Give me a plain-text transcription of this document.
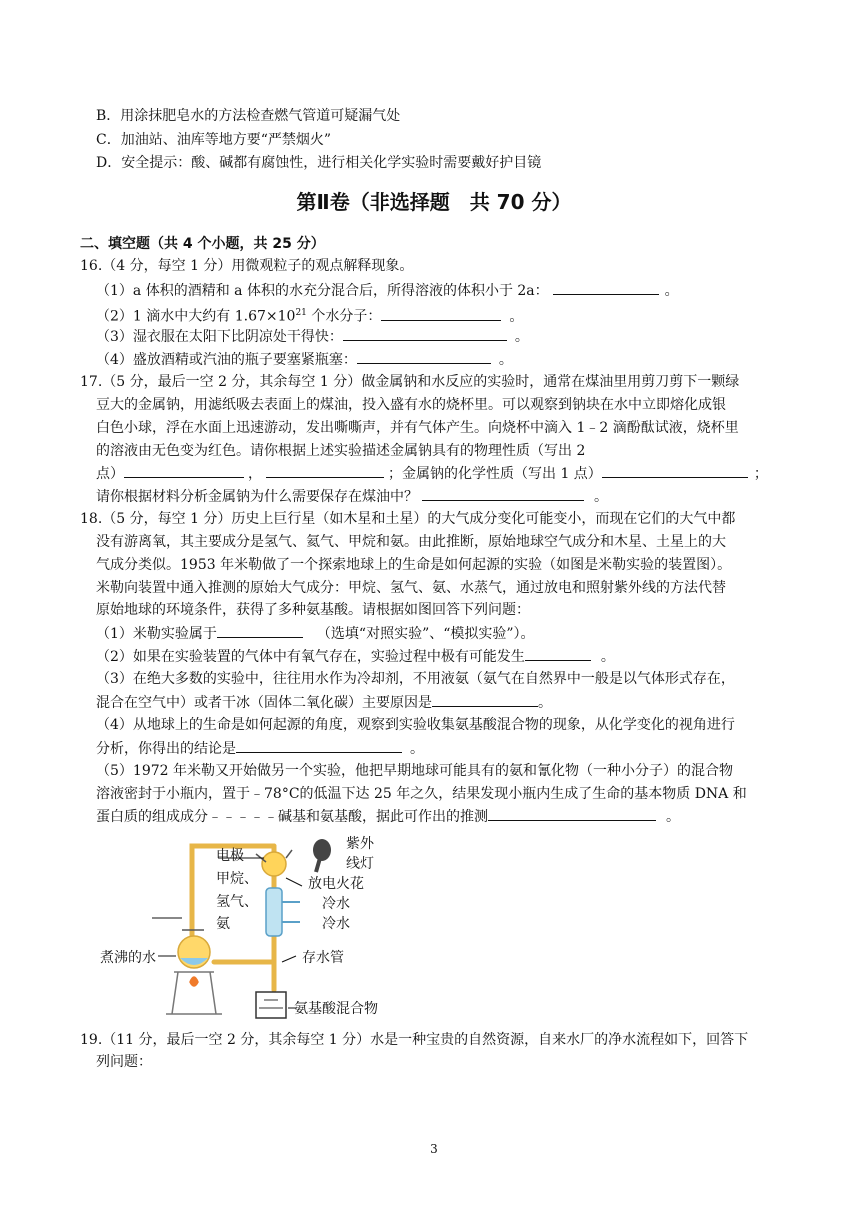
B．用涂抹肥皂水的方法检查燃气管道可疑漏气处
C．加油站、油库等地方要“严禁烟火”
D．安全提示：酸、碱都有腐蚀性，进行相关化学实验时需要戴好护目镜
第Ⅱ卷（非选择题　共 70 分）
二、填空题（共 4 个小题，共 25 分）
16.（4 分，每空 1 分）用微观粒子的观点解释现象。
（1）a 体积的酒精和 a 体积的水充分混合后，所得溶液的体积小于 2a：	。
（2）1 滴水中大约有 $1.67\times 10^{21}$ 个水分子：	。
（3）湿衣服在太阳下比阴凉处干得快：	。
（4）盛放酒精或汽油的瓶子要塞紧瓶塞：	。
17.（5 分，最后一空 2 分，其余每空 1 分）做金属钠和水反应的实验时，通常在煤油里用剪刀剪下一颗绿
豆大的金属钠，用滤纸吸去表面上的煤油，投入盛有水的烧杯里。可以观察到钠块在水中立即熔化成银
白色小球，浮在水面上迅速游动，发出嘶嘶声，并有气体产生。向烧杯中滴入 1﹣2 滴酚酞试液，烧杯里
的溶液由无色变为红色。请你根据上述实验描述金属钠具有的物理性质（写出 2
点）	，	；金属钠的化学性质（写出 1 点）	；
请你根据材料分析金属钠为什么需要保存在煤油中？	。
18.（5 分，每空 1 分）历史上巨行星（如木星和土星）的大气成分变化可能变小，而现在它们的大气中都
没有游离氧，其主要成分是氢气、氦气、甲烷和氨。由此推断，原始地球空气成分和木星、土星上的大
气成分类似。1953 年米勒做了一个探索地球上的生命是如何起源的实验（如图是米勒实验的装置图）。
米勒向装置中通入推测的原始大气成分：甲烷、氢气、氨、水蒸气，通过放电和照射紫外线的方法代替
原始地球的环境条件，获得了多种氨基酸。请根据如图回答下列问题：
（1）米勒实验属于	（选填“对照实验”、“模拟实验”）。
（2）如果在实验装置的气体中有氧气存在，实验过程中极有可能发生	。
（3）在绝大多数的实验中，往往用水作为冷却剂，不用液氨（氨气在自然界中一般是以气体形式存在，
混合在空气中）或者干冰（固体二氧化碳）主要原因是	。
（4）从地球上的生命是如何起源的角度，观察到实验收集氨基酸混合物的现象，从化学变化的视角进行
分析，你得出的结论是	。
（5）1972 年米勒又开始做另一个实验，他把早期地球可能具有的氨和氰化物（一种小分子）的混合物
溶液密封于小瓶内，置于﹣78°C的低温下达 25 年之久，结果发现小瓶内生成了生命的基本物质 DNA 和
蛋白质的组成成分﹣﹣﹣﹣﹣碱基和氨基酸，据此可作出的推测	。
电极
甲烷、
氢气、
氨
紫外
线灯
放电火花
冷水
冷水
煮沸的水	存水管
氨基酸混合物
19.（11 分，最后一空 2 分，其余每空 1 分）水是一种宝贵的自然资源，自来水厂的净水流程如下，回答下
列问题：
3
